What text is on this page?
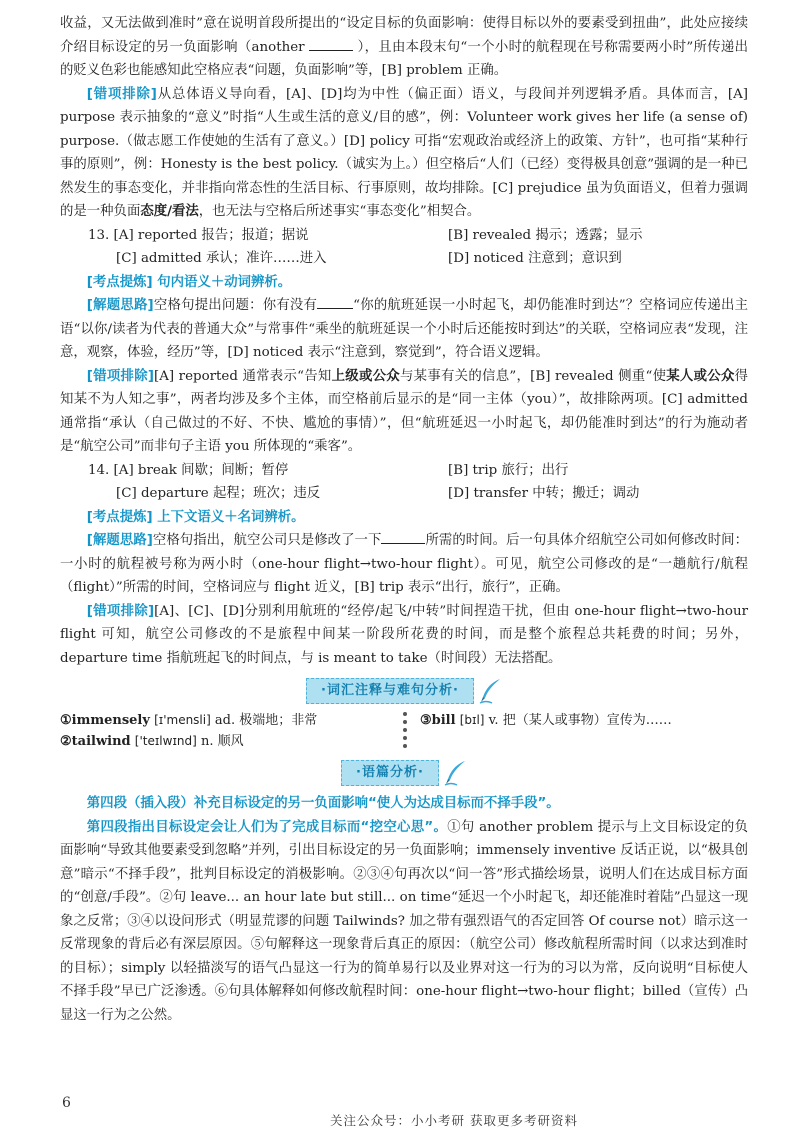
收益，又无法做到准时”意在说明首段所提出的“设定目标的负面影响：使得目标以外的要素受到扭曲”，此处应接续介绍目标设定的另一负面影响（another	），且由本段末句“一个小时的航程现在号称需要两小时”所传递出的贬义色彩也能感知此空格应表“问题，负面影响”等，[B] problem 正确。

[错项排除]从总体语义导向看，[A]、[D]均为中性（偏正面）语义，与段间并列逻辑矛盾。具体而言，[A] purpose 表示抽象的“意义”时指“人生或生活的意义/目的感”，例：Volunteer work gives her life (a sense of) purpose.（做志愿工作使她的生活有了意义。）[D] policy 可指“宏观政治或经济上的政策、方针”，也可指“某种行事的原则”，例：Honesty is the best policy.（诚实为上。）但空格后“人们（已经）变得极具创意”强调的是一种已然发生的事态变化，并非指向常态性的生活目标、行事原则，故均排除。[C] prejudice 虽为负面语义，但着力强调的是一种负面态度/看法，也无法与空格后所述事实“事态变化”相契合。

13. [A] reported 报告；报道；据说	[B] revealed 揭示；透露；显示
[C] admitted 承认；准许……进入	[D] noticed 注意到；意识到

[考点提炼] 句内语义＋动词辨析。

[解题思路]空格句提出问题：你有没有	“你的航班延误一小时起飞，却仍能准时到达”？空格词应传递出主语“以你/读者为代表的普通大众”与常事件“乘坐的航班延误一个小时后还能按时到达”的关联，空格词应表“发现，注意，观察，体验，经历”等，[D] noticed 表示“注意到，察觉到”，符合语义逻辑。

[错项排除][A] reported 通常表示“告知上级或公众与某事有关的信息”，[B] revealed 侧重“使某人或公众得知某不为人知之事”，两者均涉及多个主体，而空格前后显示的是“同一主体（you）”，故排除两项。[C] admitted 通常指“承认（自己做过的不好、不快、尴尬的事情）”，但“航班延迟一小时起飞，却仍能准时到达”的行为施动者是“航空公司”而非句子主语 you 所体现的“乘客”。

14. [A] break 间歇；间断；暂停	[B] trip 旅行；出行
[C] departure 起程；班次；违反	[D] transfer 中转；搬迁；调动

[考点提炼] 上下文语义＋名词辨析。

[解题思路]空格句指出，航空公司只是修改了一下	所需的时间。后一句具体介绍航空公司如何修改时间：一小时的航程被号称为两小时（one-hour flight→two-hour flight）。可见，航空公司修改的是“一趟航行/航程（flight）”所需的时间，空格词应与 flight 近义，[B] trip 表示“出行，旅行”，正确。

[错项排除][A]、[C]、[D]分别利用航班的“经停/起飞/中转”时间捏造干扰，但由 one-hour flight→two-hour flight 可知，航空公司修改的不是旅程中间某一阶段所花费的时间，而是整个旅程总共耗费的时间；另外，departure time 指航班起飞的时间点，与 is meant to take（时间段）无法搭配。

·词汇注释与难句分析·
①immensely [ɪ'mensli] ad. 极端地；非常
②tailwind ['teɪlwɪnd] n. 顺风
③bill [bɪl] v. 把（某人或事物）宣传为……
·语篇分析·

第四段（插入段）补充目标设定的另一负面影响“使人为达成目标而不择手段”。

第四段指出目标设定会让人们为了完成目标而“挖空心思”。①句 another problem 提示与上文目标设定的负面影响“导致其他要素受到忽略”并列，引出目标设定的另一负面影响；immensely inventive 反话正说，以“极具创意”暗示“不择手段”，批判目标设定的消极影响。②③④句再次以“问一答”形式描绘场景，说明人们在达成目标方面的“创意/手段”。②句 leave... an hour late but still... on time“延迟一个小时起飞，却还能准时着陆”凸显这一现象之反常；③④以设问形式（明显荒谬的问题 Tailwinds? 加之带有强烈语气的否定回答 Of course not）暗示这一反常现象的背后必有深层原因。⑤句解释这一现象背后真正的原因：（航空公司）修改航程所需时间（以求达到准时的目标）；simply 以轻描淡写的语气凸显这一行为的简单易行以及业界对这一行为的习以为常，反向说明“目标使人不择手段”早已广泛渗透。⑥句具体解释如何修改航程时间：one-hour flight→two-hour flight；billed（宣传）凸显这一行为之公然。

6
关注公众号：小小考研 获取更多考研资料
